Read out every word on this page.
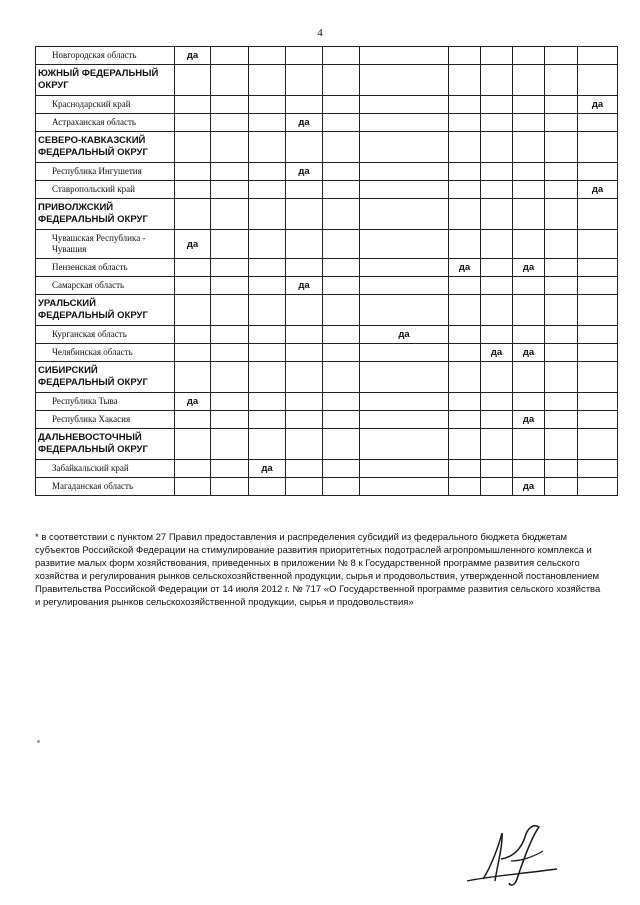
4
Новгородская область	да										
ЮЖНЫЙ ФЕДЕРАЛЬНЫЙ ОКРУГ											
Краснодарский край											да
Астраханская область				да							
СЕВЕРО-КАВКАЗСКИЙ ФЕДЕРАЛЬНЫЙ ОКРУГ											
Республика Ингушетия				да							
Ставропольский край											да
ПРИВОЛЖСКИЙ ФЕДЕРАЛЬНЫЙ ОКРУГ											
Чувашская Республика - Чувашия	да										
Пензенская область							да		да		
Самарская область				да							
УРАЛЬСКИЙ ФЕДЕРАЛЬНЫЙ ОКРУГ											
Курганская область						да					
Челябинская область								да	да		
СИБИРСКИЙ ФЕДЕРАЛЬНЫЙ ОКРУГ											
Республика Тыва	да										
Республика Хакасия									да		
ДАЛЬНЕВОСТОЧНЫЙ ФЕДЕРАЛЬНЫЙ ОКРУГ											
Забайкальский край			да								
Магаданская область									да		
* в соответствии с пунктом 27 Правил предоставления и распределения субсидий из федерального бюджета бюджетам субъектов Российской Федерации на стимулирование развития приоритетных подотраслей агропромышленного комплекса и развитие малых форм хозяйствования, приведенных в приложении № 8 к Государственной программе развития сельского хозяйства и регулирования рынков сельскохозяйственной продукции, сырья и продовольствия, утвержденной постановлением Правительства Российской Федерации от 14 июля 2012 г. № 717 «О Государственной программе развития сельского хозяйства и регулирования рынков сельскохозяйственной продукции, сырья и продовольствия»
